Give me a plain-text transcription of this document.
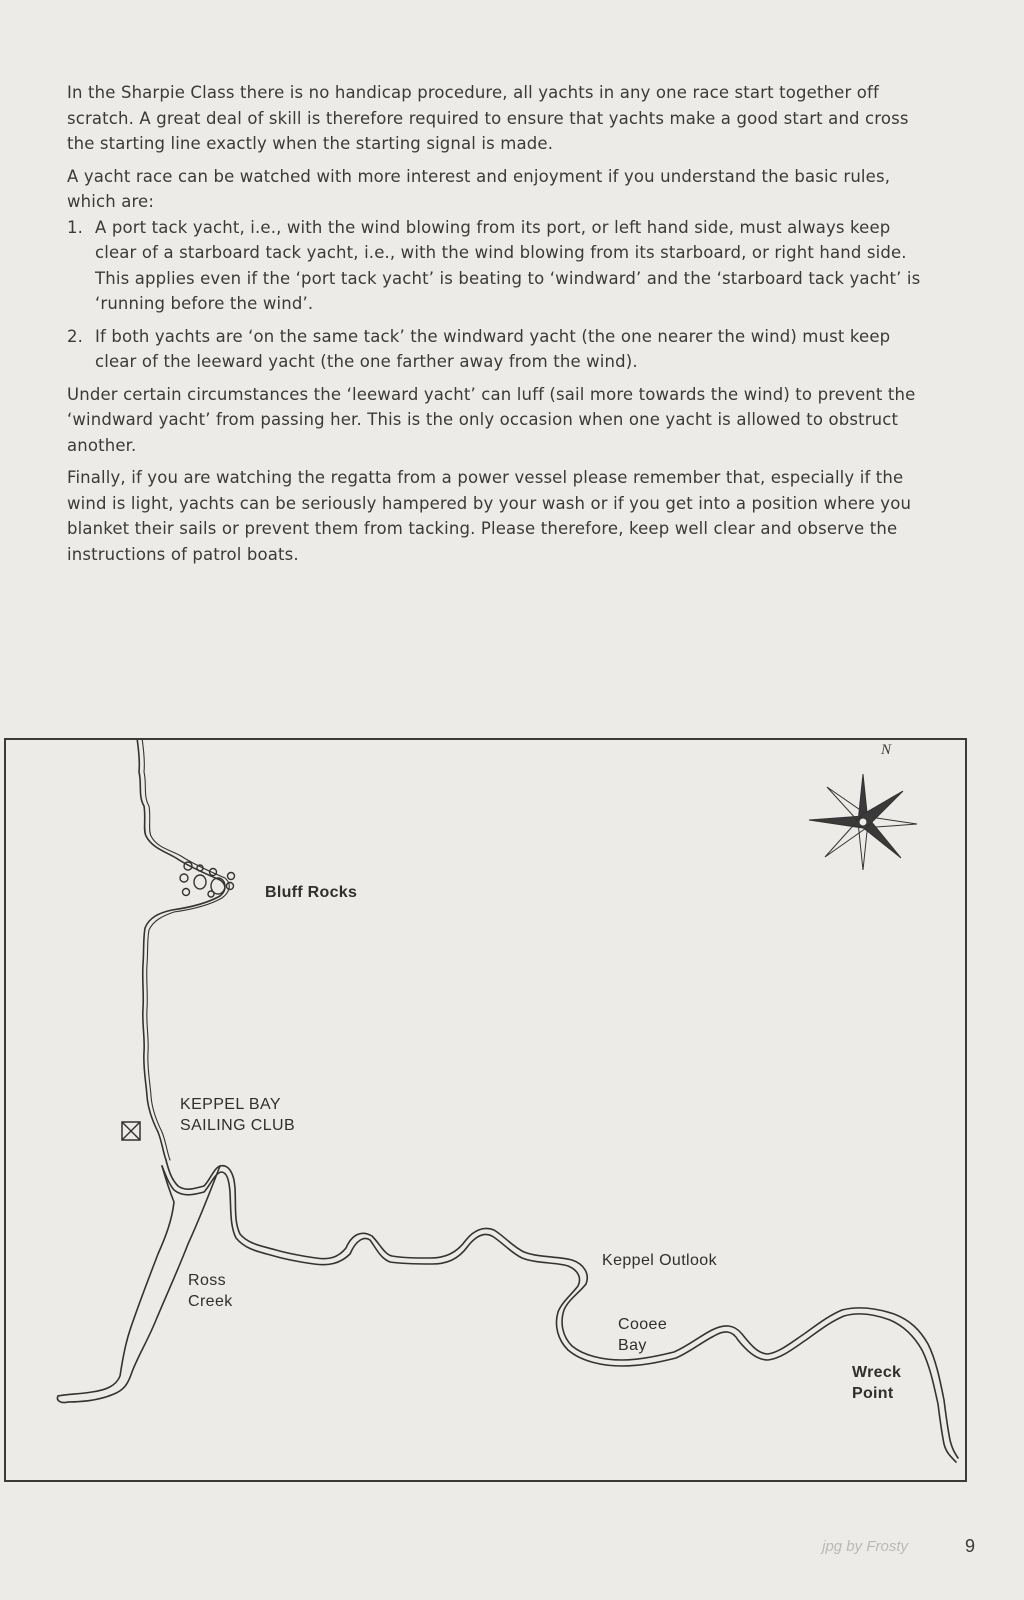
In the Sharpie Class there is no handicap procedure, all yachts in any one race start together off scratch. A great deal of skill is therefore required to ensure that yachts make a good start and cross the starting line exactly when the starting signal is made.

A yacht race can be watched with more interest and enjoyment if you understand the basic rules, which are:

1. A port tack yacht, i.e., with the wind blowing from its port, or left hand side, must always keep clear of a starboard tack yacht, i.e., with the wind blowing from its starboard, or right hand side. This applies even if the ‘port tack yacht’ is beating to ‘windward’ and the ‘starboard tack yacht’ is ‘running before the wind’.
2. If both yachts are ‘on the same tack’ the windward yacht (the one nearer the wind) must keep clear of the leeward yacht (the one farther away from the wind).

Under certain circumstances the ‘leeward yacht’ can luff (sail more towards the wind) to prevent the ‘windward yacht’ from passing her. This is the only occasion when one yacht is allowed to obstruct another.

Finally, if you are watching the regatta from a power vessel please remember that, especially if the wind is light, yachts can be seriously hampered by your wash or if you get into a position where you blanket their sails or prevent them from tacking. Please therefore, keep well clear and observe the instructions of patrol boats.

N
Bluff Rocks
KEPPEL BAY
SAILING CLUB
Ross
Creek
Keppel Outlook
Cooee
Bay
Wreck
Point
jpg by Frosty	9
